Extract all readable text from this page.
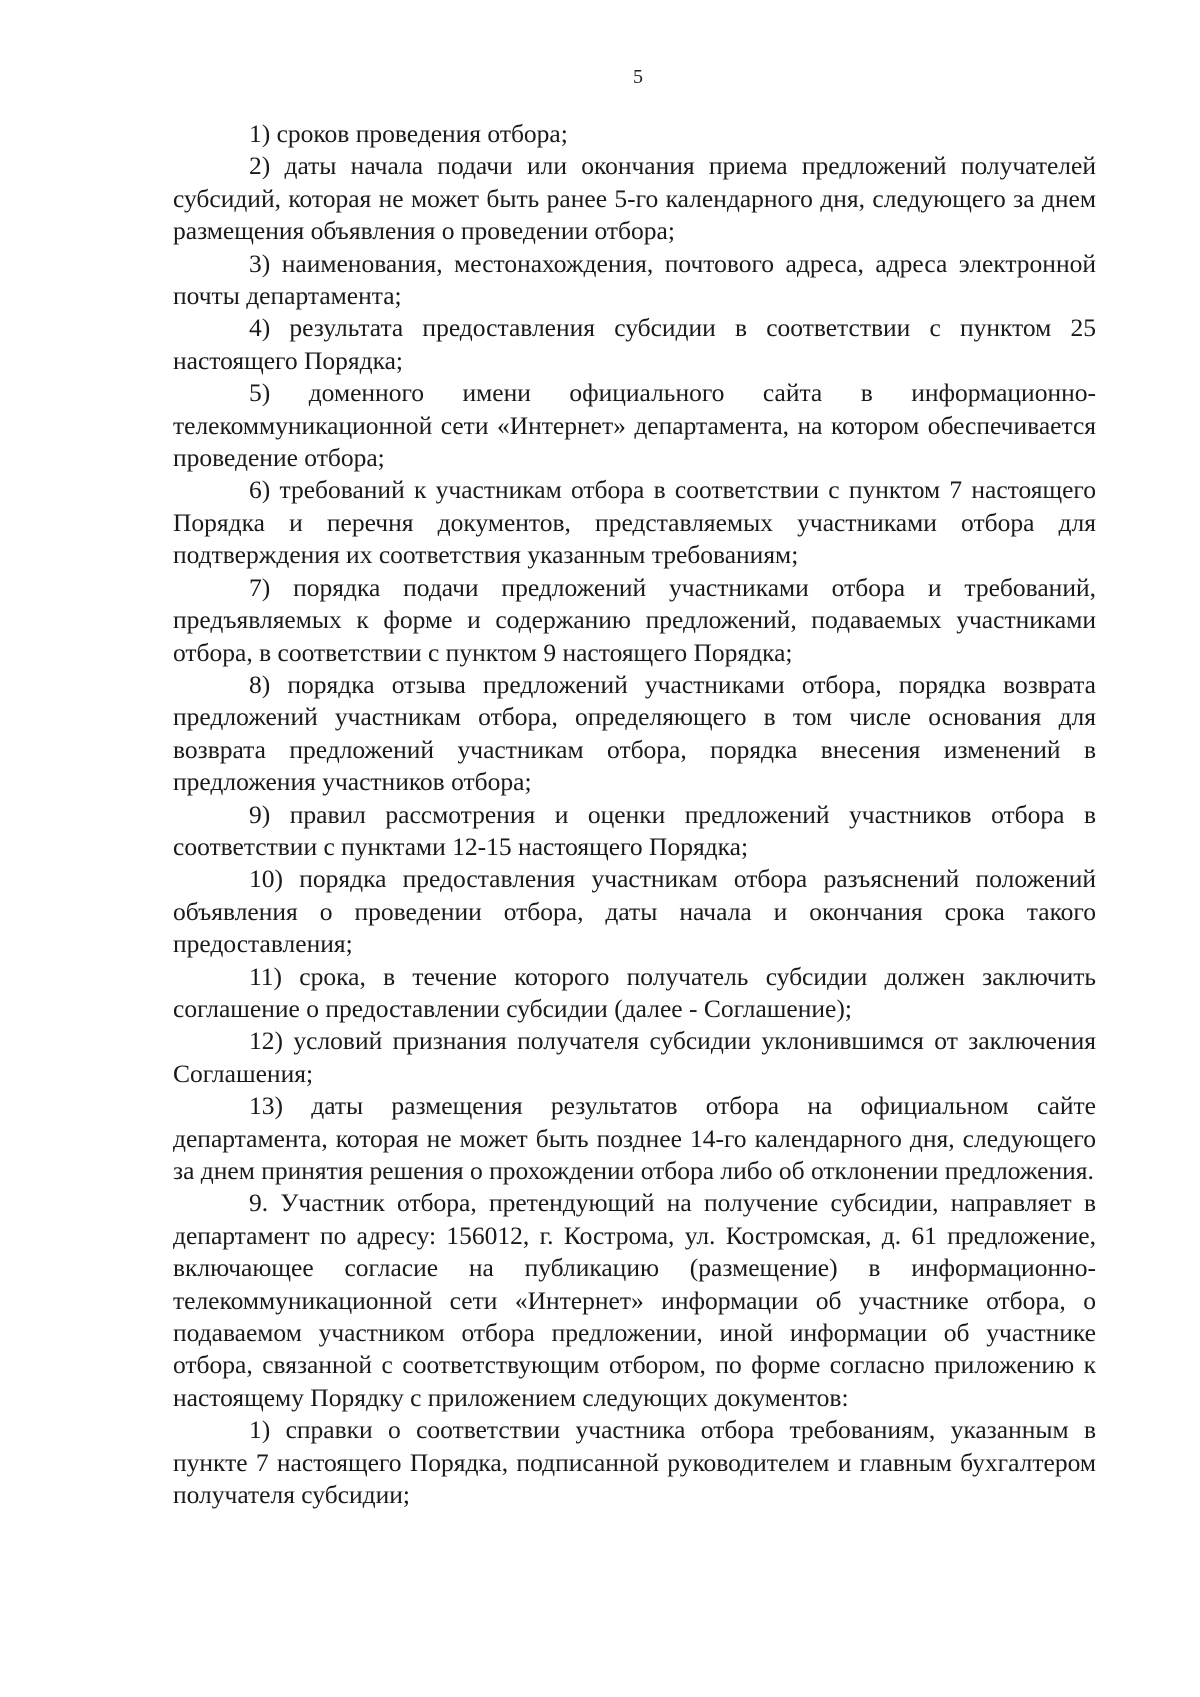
5

1) сроков проведения отбора;

2) даты начала подачи или окончания приема предложений получателей субсидий, которая не может быть ранее 5-го календарного дня, следующего за днем размещения объявления о проведении отбора;

3) наименования, местонахождения, почтового адреса, адреса электронной почты департамента;

4) результата предоставления субсидии в соответствии с пунктом 25 настоящего Порядка;

5) доменного имени официального сайта в информационно-телекоммуникационной сети «Интернет» департамента, на котором обеспечивается проведение отбора;

6) требований к участникам отбора в соответствии с пунктом 7 настоящего Порядка и перечня документов, представляемых участниками отбора для подтверждения их соответствия указанным требованиям;

7) порядка подачи предложений участниками отбора и требований, предъявляемых к форме и содержанию предложений, подаваемых участниками отбора, в соответствии с пунктом 9 настоящего Порядка;

8) порядка отзыва предложений участниками отбора, порядка возврата предложений участникам отбора, определяющего в том числе основания для возврата предложений участникам отбора, порядка внесения изменений в предложения участников отбора;

9) правил рассмотрения и оценки предложений участников отбора в соответствии с пунктами 12-15 настоящего Порядка;

10) порядка предоставления участникам отбора разъяснений положений объявления о проведении отбора, даты начала и окончания срока такого предоставления;

11) срока, в течение которого получатель субсидии должен заключить соглашение о предоставлении субсидии (далее - Соглашение);

12) условий признания получателя субсидии уклонившимся от заключения Соглашения;

13) даты размещения результатов отбора на официальном сайте департамента, которая не может быть позднее 14-го календарного дня, следующего за днем принятия решения о прохождении отбора либо об отклонении предложения.

9. Участник отбора, претендующий на получение субсидии, направляет в департамент по адресу: 156012, г. Кострома, ул. Костромская, д. 61 предложение, включающее согласие на публикацию (размещение) в информационно-телекоммуникационной сети «Интернет» информации об участнике отбора, о подаваемом участником отбора предложении, иной информации об участнике отбора, связанной с соответствующим отбором, по форме согласно приложению к настоящему Порядку с приложением следующих документов:

1) справки о соответствии участника отбора требованиям, указанным в пункте 7 настоящего Порядка, подписанной руководителем и главным бухгалтером получателя субсидии;
